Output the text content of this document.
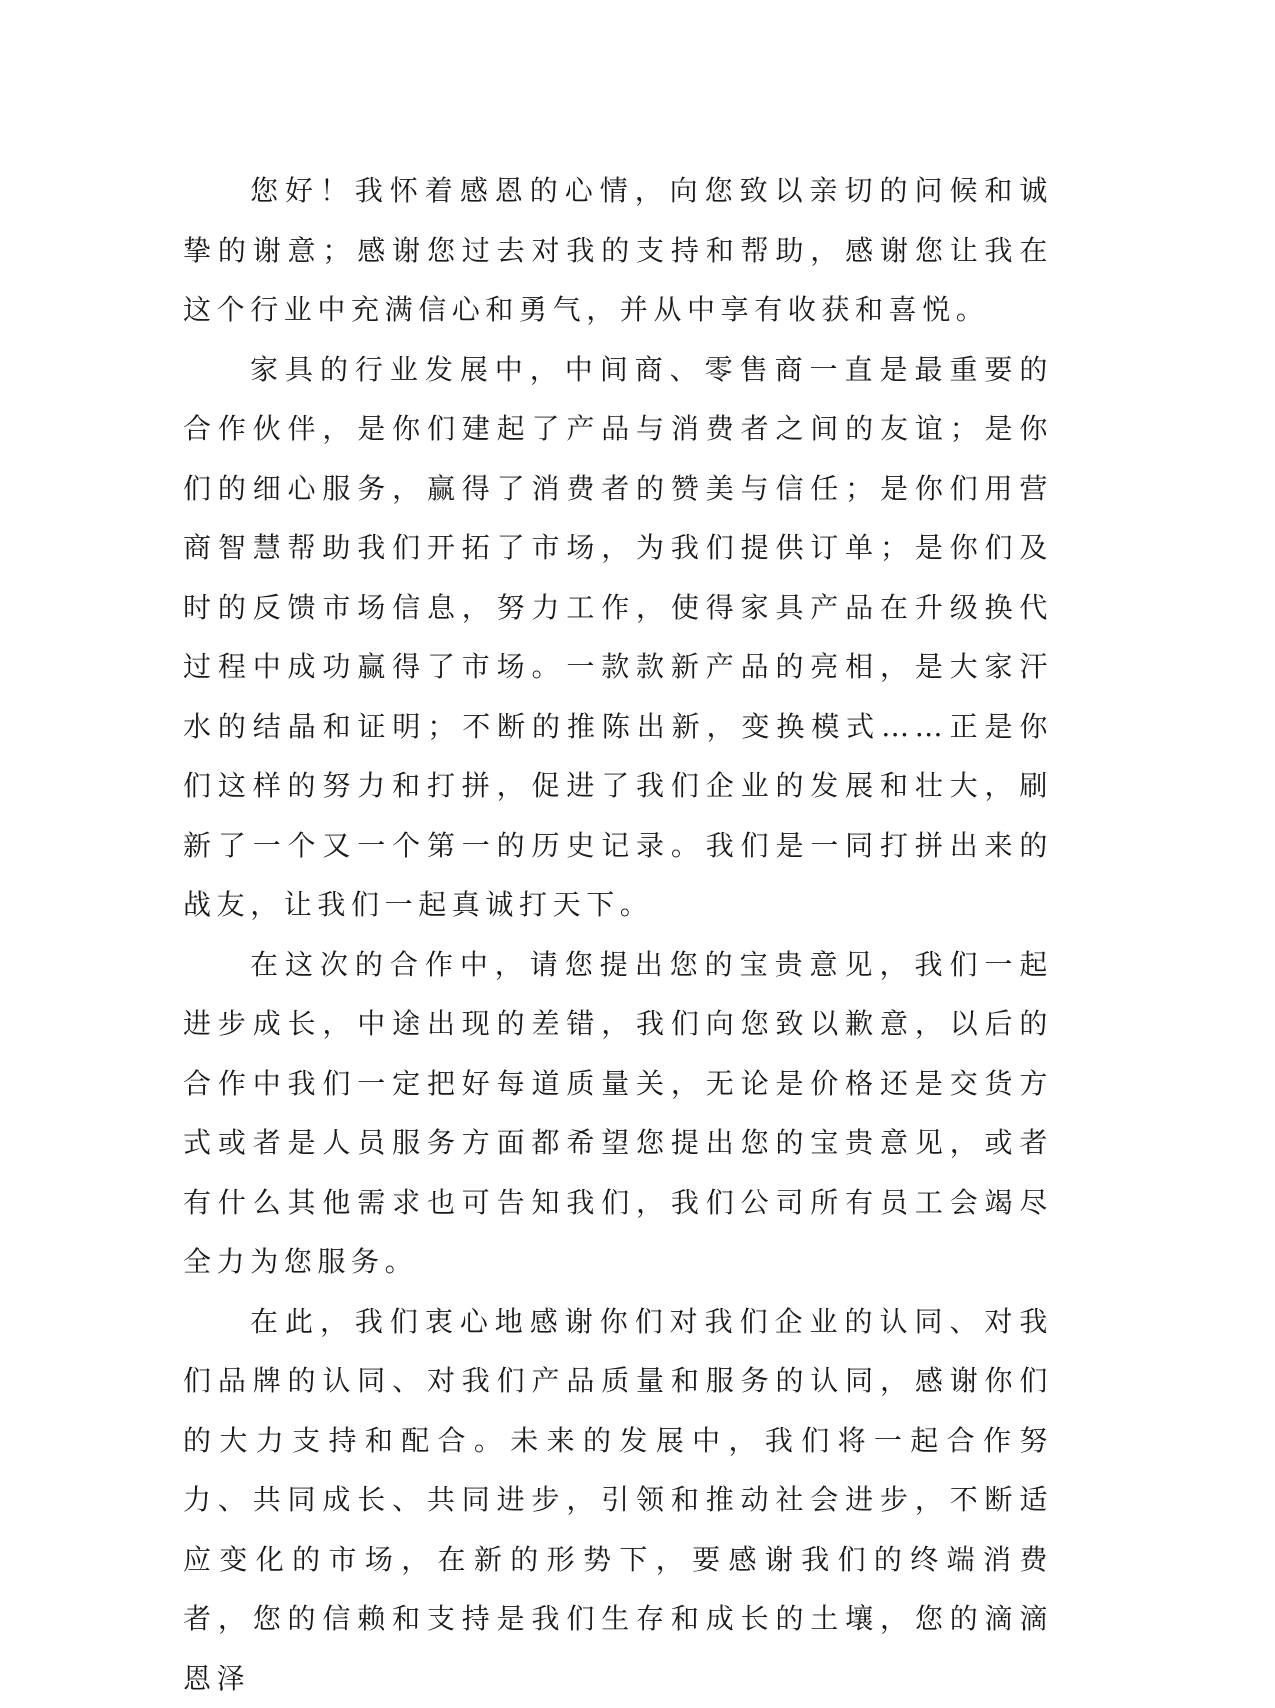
您好！我怀着感恩的心情，向您致以亲切的问候和诚挚的谢意；感谢您过去对我的支持和帮助，感谢您让我在这个行业中充满信心和勇气，并从中享有收获和喜悦。

家具的行业发展中，中间商、零售商一直是最重要的合作伙伴，是你们建起了产品与消费者之间的友谊；是你们的细心服务，赢得了消费者的赞美与信任；是你们用营商智慧帮助我们开拓了市场，为我们提供订单；是你们及时的反馈市场信息，努力工作，使得家具产品在升级换代过程中成功赢得了市场。一款款新产品的亮相，是大家汗水的结晶和证明；不断的推陈出新，变换模式……正是你们这样的努力和打拼，促进了我们企业的发展和壮大，刷新了一个又一个第一的历史记录。我们是一同打拼出来的战友，让我们一起真诚打天下。

在这次的合作中，请您提出您的宝贵意见，我们一起进步成长，中途出现的差错，我们向您致以歉意，以后的合作中我们一定把好每道质量关，无论是价格还是交货方式或者是人员服务方面都希望您提出您的宝贵意见，或者有什么其他需求也可告知我们，我们公司所有员工会竭尽全力为您服务。

在此，我们衷心地感谢你们对我们企业的认同、对我们品牌的认同、对我们产品质量和服务的认同，感谢你们的大力支持和配合。未来的发展中，我们将一起合作努力、共同成长、共同进步，引领和推动社会进步，不断适应变化的市场，在新的形势下，要感谢我们的终端消费者，您的信赖和支持是我们生存和成长的土壤，您的滴滴恩泽
